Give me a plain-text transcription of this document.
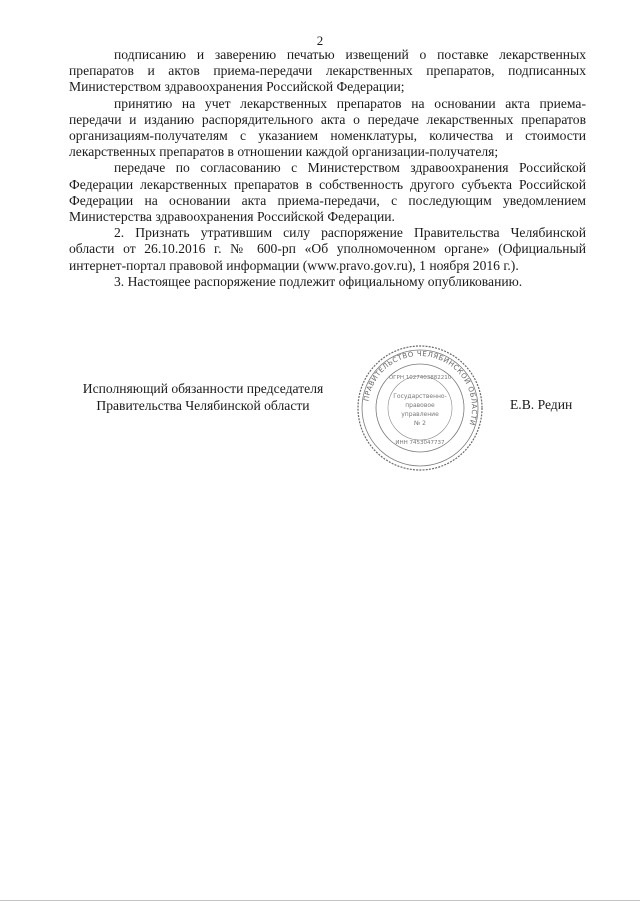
2

подписанию и заверению печатью извещений о поставке лекарственных препаратов и актов приема-передачи лекарственных препаратов, подписанных Министерством здравоохранения Российской Федерации;

принятию на учет лекарственных препаратов на основании акта приема-передачи и изданию распорядительного акта о передаче лекарственных препаратов организациям-получателям с указанием номенклатуры, количества и стоимости лекарственных препаратов в отношении каждой организации-получателя;

передаче по согласованию с Министерством здравоохранения Российской Федерации лекарственных препаратов в собственность другого субъекта Российской Федерации на основании акта приема-передачи, с последующим уведомлением Министерства здравоохранения Российской Федерации.

2. Признать утратившим силу распоряжение Правительства Челябинской области от 26.10.2016 г. № 600-рп «Об уполномоченном органе» (Официальный интернет-портал правовой информации (www.pravo.gov.ru), 1 ноября 2016 г.).

3. Настоящее распоряжение подлежит официальному опубликованию.

Исполняющий обязанности председателя
Правительства Челябинской области	ПРАВИТЕЛЬСТВО ЧЕЛЯБИНСКОЙ ОБЛАСТИ
ОГРН 1027403882210
ИНН 7453047737
Государственно-
правовое
управление
№ 2
Е.В. Редин
